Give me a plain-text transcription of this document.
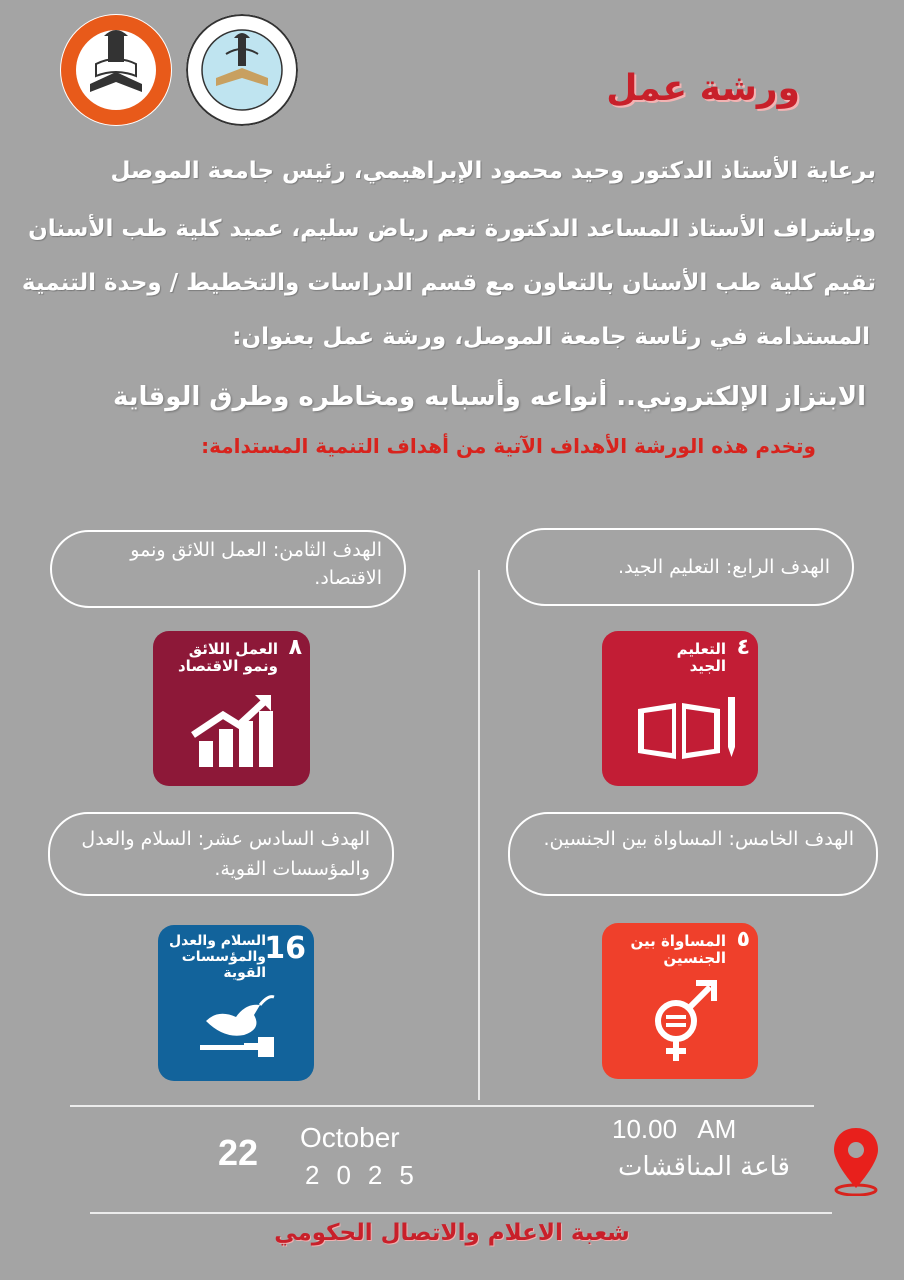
ورشة عمل
برعاية الأستاذ الدكتور وحيد محمود الإبراهيمي، رئيس جامعة الموصل
وبإشراف الأستاذ المساعد الدكتورة نعم رياض سليم، عميد كلية طب الأسنان
تقيم كلية طب الأسنان بالتعاون مع قسم الدراسات والتخطيط / وحدة التنمية
المستدامة في رئاسة جامعة الموصل، ورشة عمل بعنوان:
الابتزاز الإلكتروني.. أنواعه وأسبابه ومخاطره وطرق الوقاية
وتخدم هذه الورشة الأهداف الآتية من أهداف التنمية المستدامة:
الهدف الرابع: التعليم الجيد.
الهدف الثامن: العمل اللائق ونمو الاقتصاد.
الهدف الخامس: المساواة بين الجنسين.
الهدف السادس عشر: السلام والعدل والمؤسسات القوية.
٤
التعليم الجيد
٨
العمل اللائق ونمو الاقتصاد
٥
المساواة بين الجنسين
16
السلام والعدل والمؤسسات القوية
22 October
2025
10.00   AM
قاعة المناقشات
شعبة الاعلام والاتصال الحكومي
